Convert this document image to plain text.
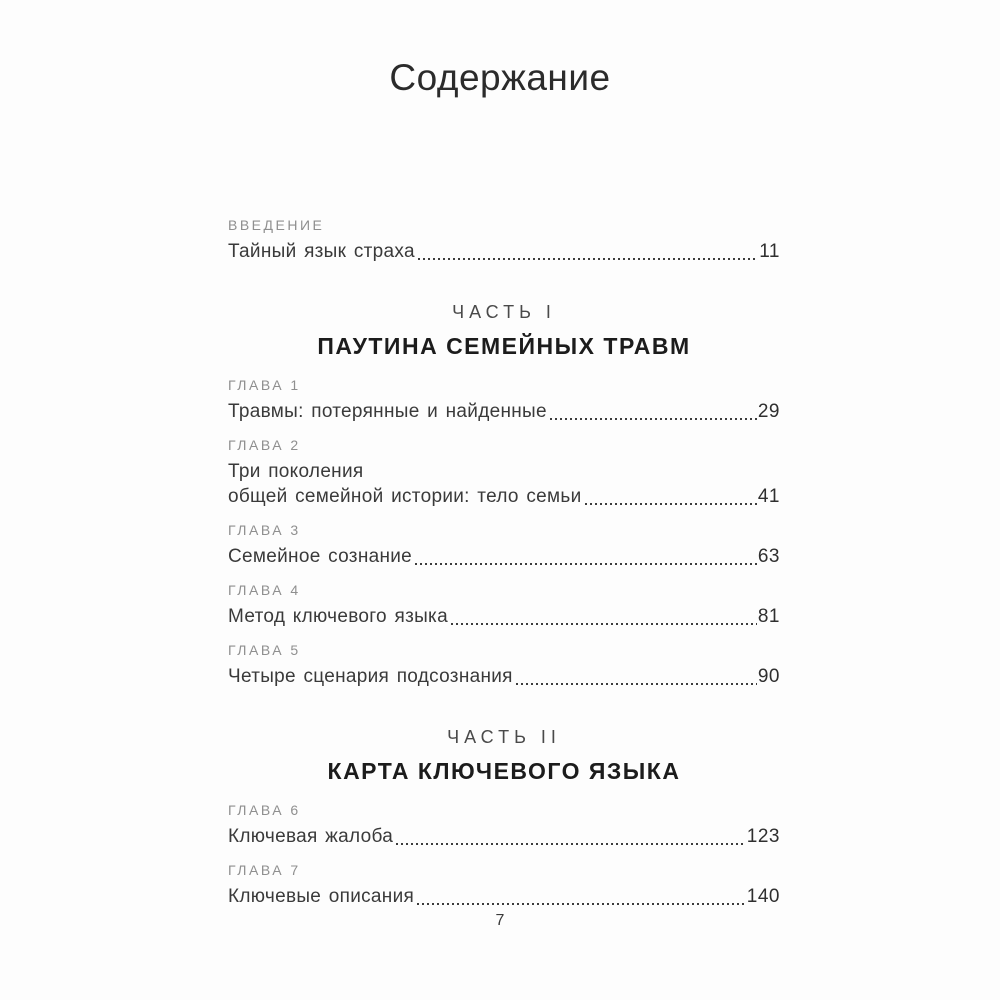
Содержание
ВВЕДЕНИЕ
Тайный язык страха	11
ЧАСТЬ I
ПАУТИНА СЕМЕЙНЫХ ТРАВМ
ГЛАВА 1
Травмы: потерянные и найденные	29
ГЛАВА 2
Три поколения
общей семейной истории: тело семьи	41
ГЛАВА 3
Семейное сознание	63
ГЛАВА 4
Метод ключевого языка	81
ГЛАВА 5
Четыре сценария подсознания	90
ЧАСТЬ II
КАРТА КЛЮЧЕВОГО ЯЗЫКА
ГЛАВА 6
Ключевая жалоба	123
ГЛАВА 7
Ключевые описания	140
7
